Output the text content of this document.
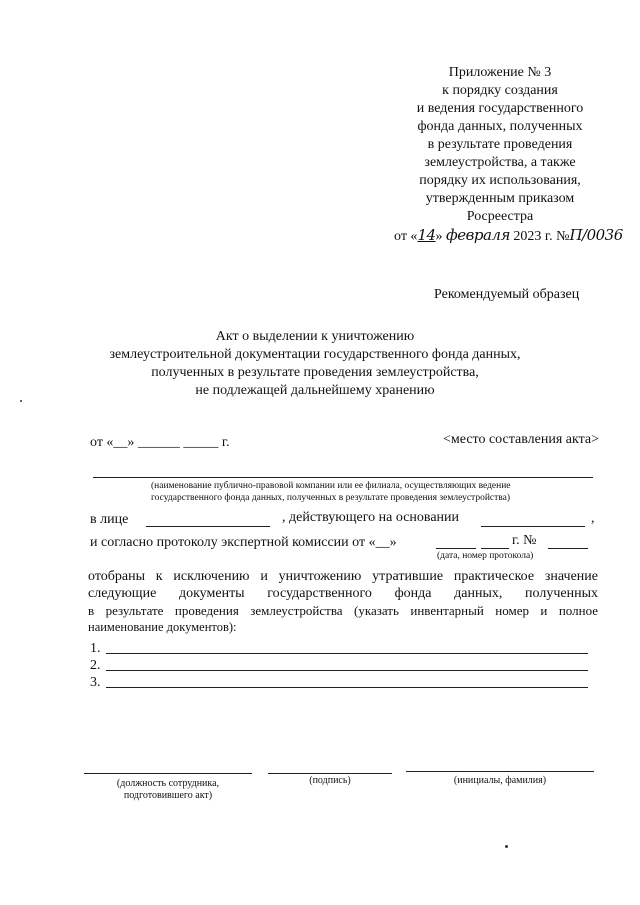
Приложение № 3
к порядку создания
и ведения государственного
фонда данных, полученных
в результате проведения
землеустройства, а также
порядку их использования,
утвержденным приказом
Росреестра
от «14» февраля 2023 г. №П/0036
Рекомендуемый образец
Акт о выделении к уничтожению
землеустроительной документации государственного фонда данных,
полученных в результате проведения землеустройства,
не подлежащей дальнейшему хранению
от «__» ______ _____ г.	<место составления акта>
(наименование публично-правовой компании или ее филиала, осуществляющих ведение
государственного фонда данных, полученных в результате проведения землеустройства)
в лице	, действующего на основании	,
и согласно протоколу экспертной комиссии от «__»	г. №
(дата, номер протокола)
отобраны к исключению и уничтожению утратившие практическое значение
следующие документы государственного фонда данных, полученных
в результате проведения землеустройства (указать инвентарный номер и полное
наименование документов):
1.
2.
3.
(должность сотрудника,
подготовившего акт)
(подпись)	(инициалы, фамилия)
